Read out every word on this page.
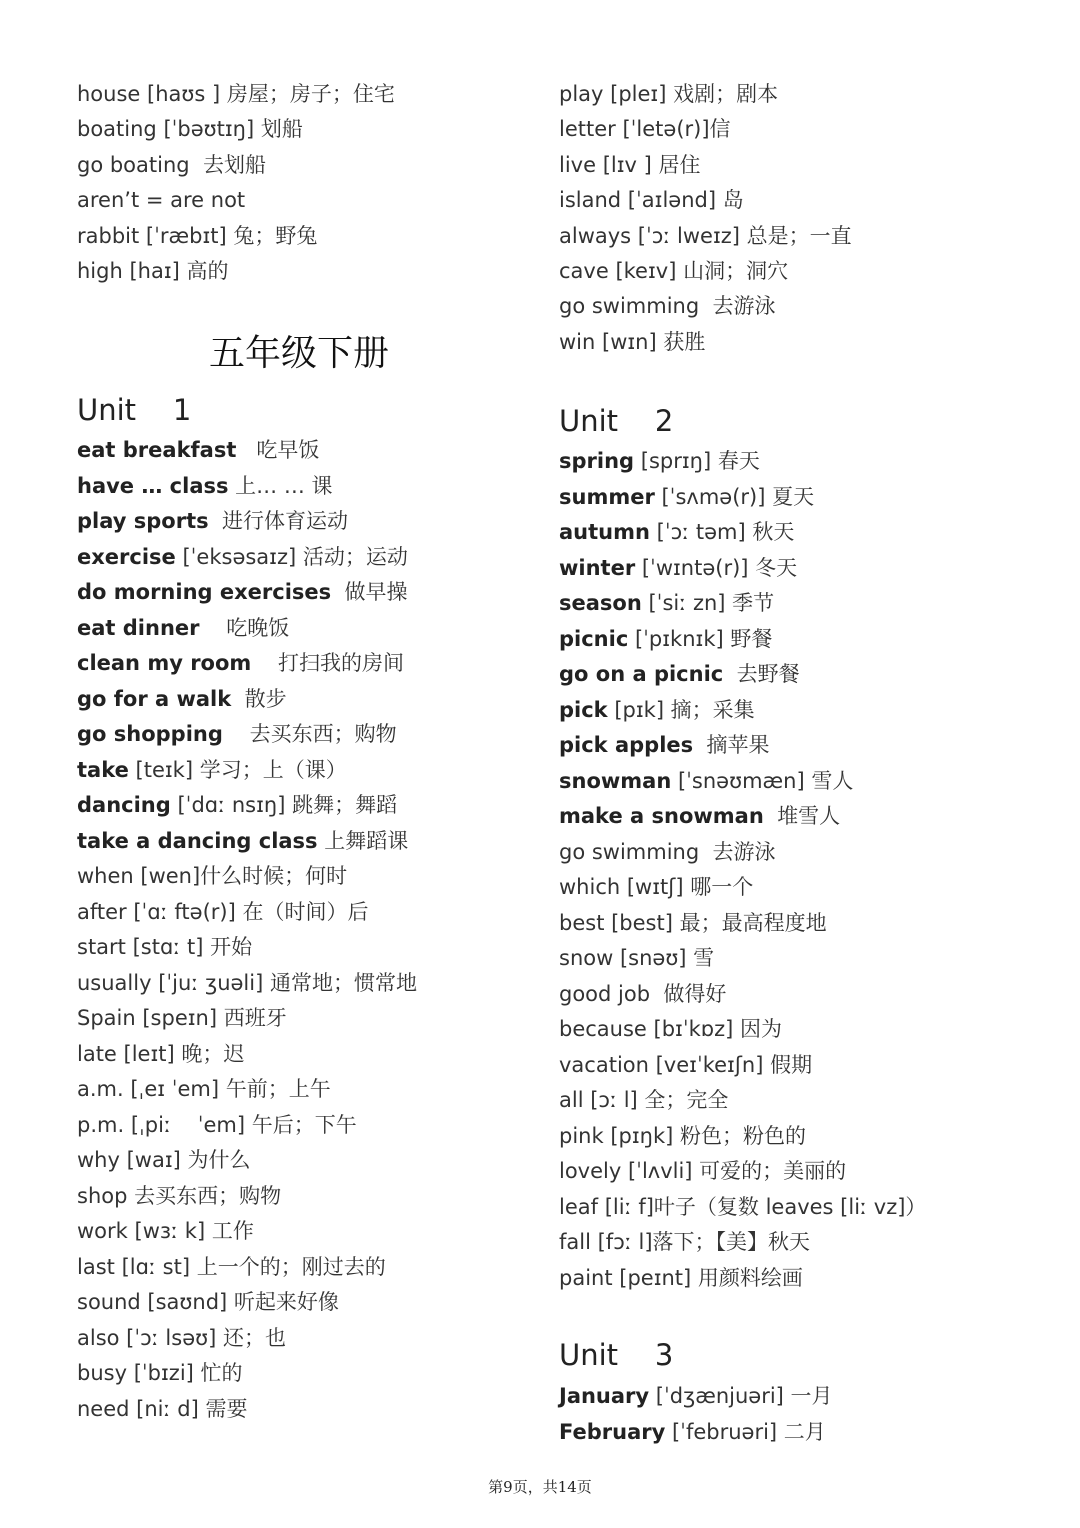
house [haʊs ] 房屋；房子；住宅
boating [ˈbəʊtɪŋ] 划船
go boating  去划船
aren’t = are not
rabbit [ˈræbɪt] 兔；野兔
high [haɪ] 高的
五年级下册
Unit    1
eat breakfast   吃早饭
have … class 上… … 课
play sports  进行体育运动
exercise [ˈeksəsaɪz] 活动；运动
do morning exercises  做早操
eat dinner    吃晚饭
clean my room    打扫我的房间
go for a walk  散步
go shopping    去买东西；购物
take [teɪk] 学习；上（课）
dancing [ˈdɑː nsɪŋ] 跳舞；舞蹈
take a dancing class 上舞蹈课
when [wen]什么时候；何时
after [ˈɑː ftə(r)] 在（时间）后
start [stɑː t] 开始
usually [ˈjuː ʒuəli] 通常地；惯常地
Spain [speɪn] 西班牙
late [leɪt] 晚；迟
a.m. [ˌeɪ ˈem] 午前；上午
p.m. [ˌpiː    ˈem] 午后；下午
why [waɪ] 为什么
shop 去买东西；购物
work [wɜː k] 工作
last [lɑː st] 上一个的；刚过去的
sound [saʊnd] 听起来好像
also [ˈɔː lsəʊ] 还；也
busy [ˈbɪzi] 忙的
need [niː d] 需要
play [pleɪ] 戏剧；剧本
letter [ˈletə(r)]信
live [lɪv ] 居住
island [ˈaɪlənd] 岛
always [ˈɔː lweɪz] 总是；一直
cave [keɪv] 山洞；洞穴
go swimming  去游泳
win [wɪn] 获胜
Unit    2
spring [sprɪŋ] 春天
summer [ˈsʌmə(r)] 夏天
autumn [ˈɔː təm] 秋天
winter [ˈwɪntə(r)] 冬天
season [ˈsiː zn] 季节
picnic [ˈpɪknɪk] 野餐
go on a picnic  去野餐
pick [pɪk] 摘；采集
pick apples  摘苹果
snowman [ˈsnəʊmæn] 雪人
make a snowman  堆雪人
go swimming  去游泳
which [wɪtʃ] 哪一个
best [best] 最；最高程度地
snow [snəʊ] 雪
good job  做得好
because [bɪˈkɒz] 因为
vacation [veɪˈkeɪʃn] 假期
all [ɔː l] 全；完全
pink [pɪŋk] 粉色；粉色的
lovely [ˈlʌvli] 可爱的；美丽的
leaf [liː f]叶子（复数 leaves [liː vz]）
fall [fɔː l]落下；【美】秋天
paint [peɪnt] 用颜料绘画
Unit    3
January [ˈdʒænjuəri] 一月
February [ˈfebruəri] 二月
第9页，共14页
